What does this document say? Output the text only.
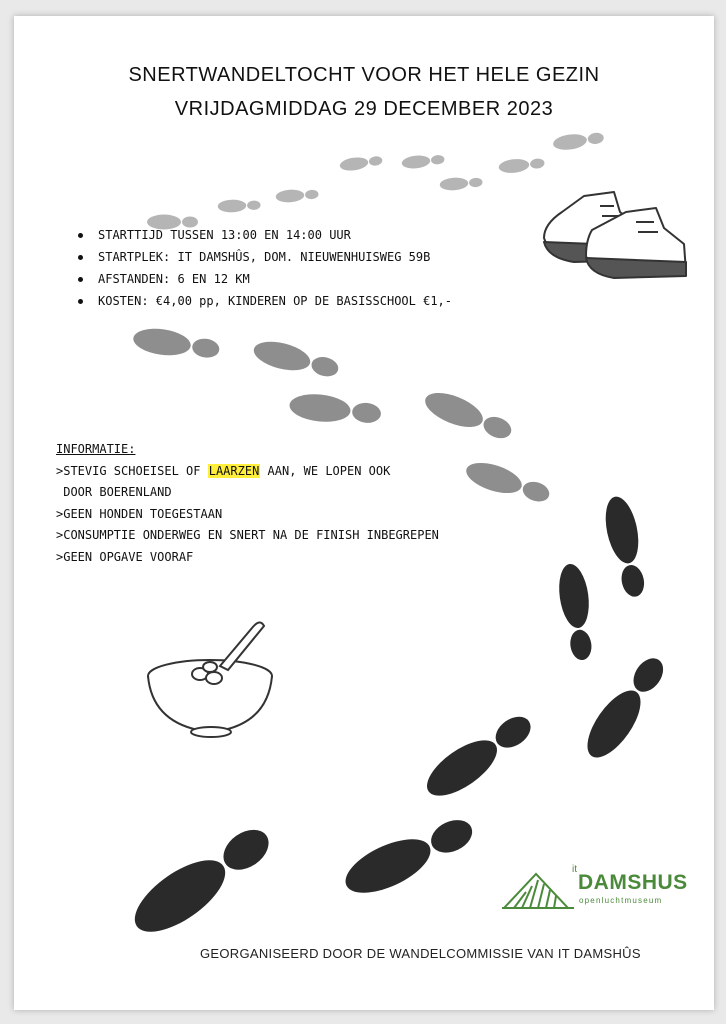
SNERTWANDELTOCHT VOOR HET HELE GEZIN
VRIJDAGMIDDAG 29 DECEMBER 2023
STARTTIJD TUSSEN 13:00 EN 14:00 UUR
STARTPLEK: IT DAMSHÛS, DOM. NIEUWENHUISWEG 59B
AFSTANDEN: 6 EN 12 KM
KOSTEN: €4,00 pp, KINDEREN OP DE BASISSCHOOL €1,-
INFORMATIE:
>STEVIG SCHOEISEL OF LAARZEN AAN, WE LOPEN OOK
DOOR BOERENLAND
>GEEN HONDEN TOEGESTAAN
>CONSUMPTIE ONDERWEG EN SNERT NA DE FINISH INBEGREPEN
>GEEN OPGAVE VOORAF
it
DAMSHUS
openluchtmuseum
GEORGANISEERD DOOR DE WANDELCOMMISSIE VAN IT DAMSHÛS
